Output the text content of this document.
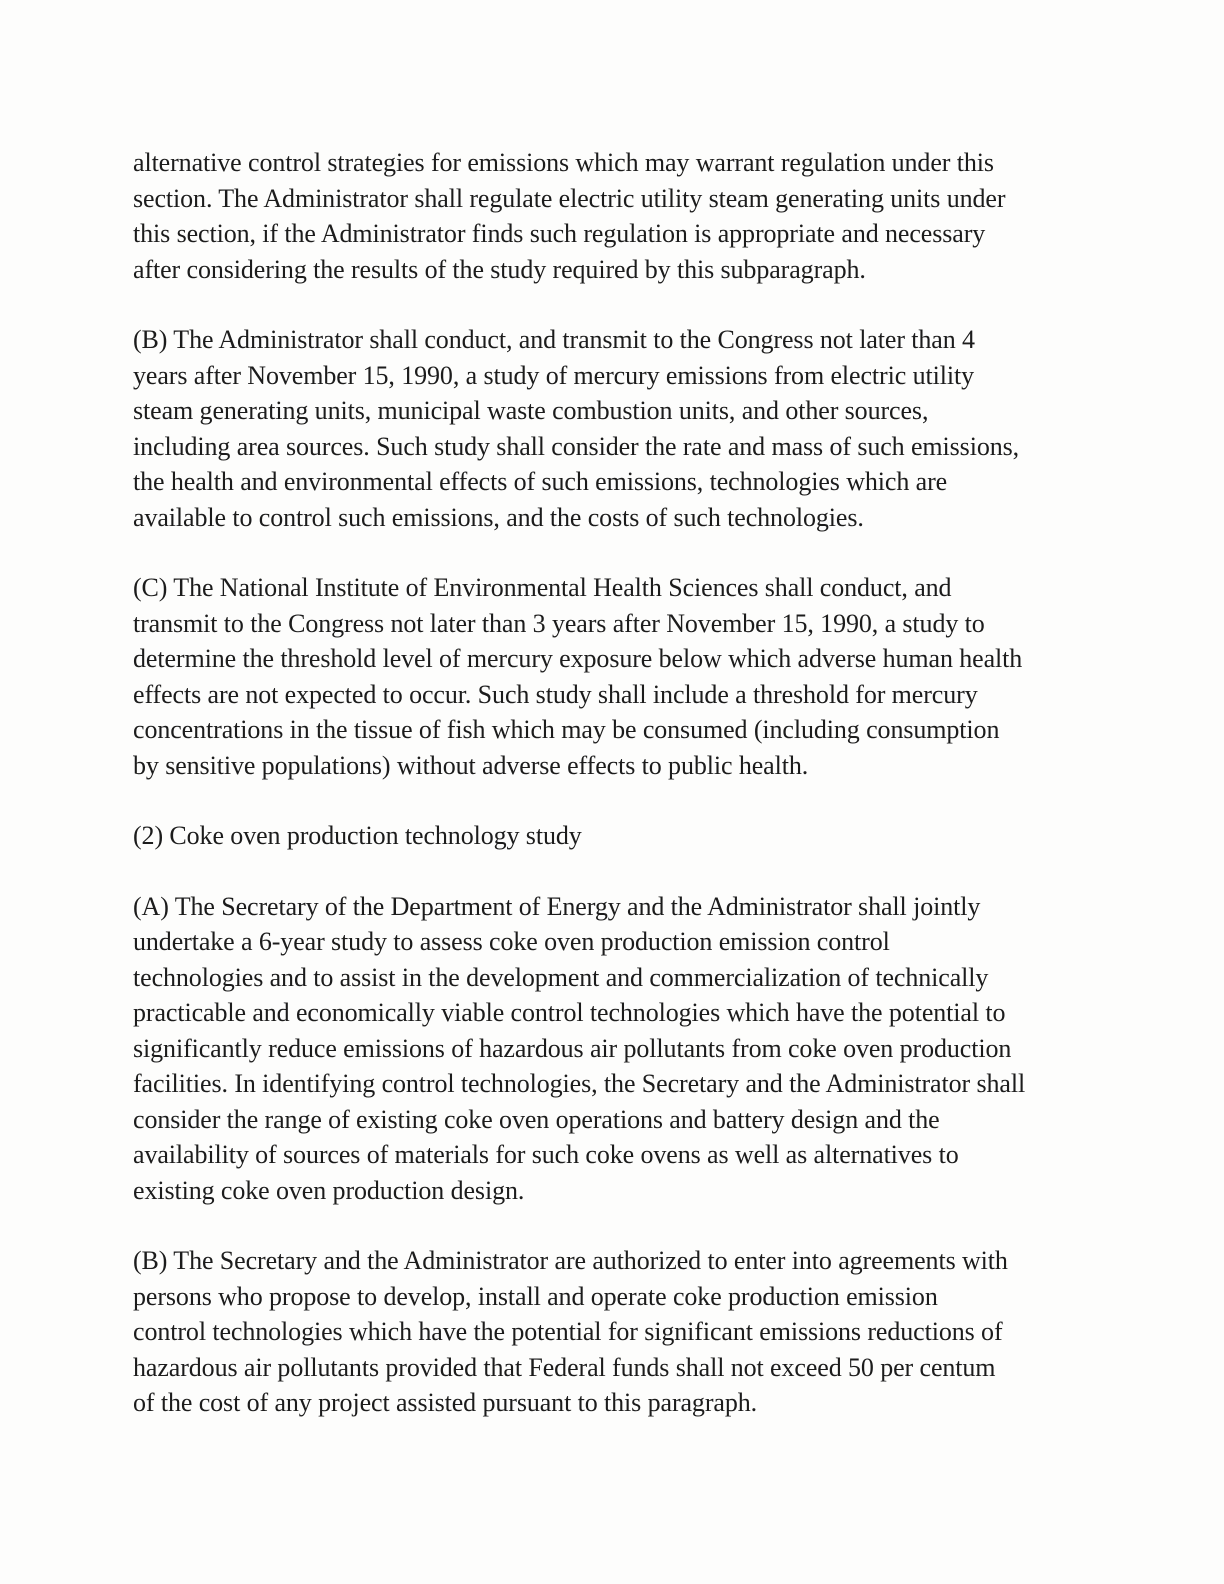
alternative control strategies for emissions which may warrant regulation under this
section. The Administrator shall regulate electric utility steam generating units under
this section, if the Administrator finds such regulation is appropriate and necessary
after considering the results of the study required by this subparagraph.

(B) The Administrator shall conduct, and transmit to the Congress not later than 4
years after November 15, 1990, a study of mercury emissions from electric utility
steam generating units, municipal waste combustion units, and other sources,
including area sources. Such study shall consider the rate and mass of such emissions,
the health and environmental effects of such emissions, technologies which are
available to control such emissions, and the costs of such technologies.

(C) The National Institute of Environmental Health Sciences shall conduct, and
transmit to the Congress not later than 3 years after November 15, 1990, a study to
determine the threshold level of mercury exposure below which adverse human health
effects are not expected to occur. Such study shall include a threshold for mercury
concentrations in the tissue of fish which may be consumed (including consumption
by sensitive populations) without adverse effects to public health.

(2) Coke oven production technology study

(A) The Secretary of the Department of Energy and the Administrator shall jointly
undertake a 6-year study to assess coke oven production emission control
technologies and to assist in the development and commercialization of technically
practicable and economically viable control technologies which have the potential to
significantly reduce emissions of hazardous air pollutants from coke oven production
facilities. In identifying control technologies, the Secretary and the Administrator shall
consider the range of existing coke oven operations and battery design and the
availability of sources of materials for such coke ovens as well as alternatives to
existing coke oven production design.

(B) The Secretary and the Administrator are authorized to enter into agreements with
persons who propose to develop, install and operate coke production emission
control technologies which have the potential for significant emissions reductions of
hazardous air pollutants provided that Federal funds shall not exceed 50 per centum
of the cost of any project assisted pursuant to this paragraph.
